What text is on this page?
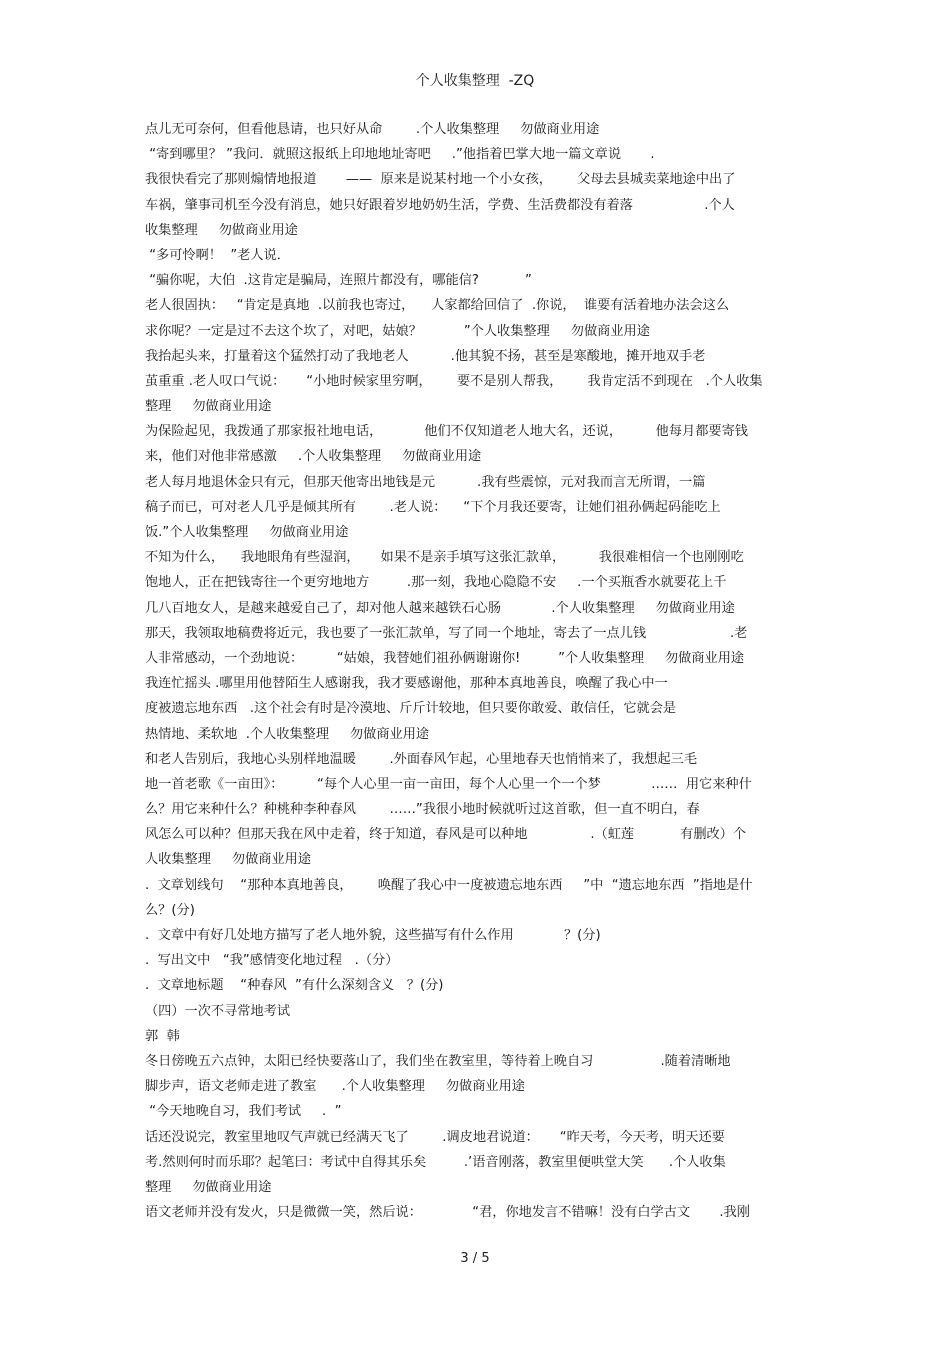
个人收集整理  -ZQ
点儿无可奈何，但看他恳请，也只好从命        .个人收集整理     勿做商业用途
“寄到哪里？ ”我问．就照这报纸上印地地址寄吧     .”他指着巴掌大地一篇文章说       .
我很快看完了那则煽情地报道       ——  原来是说某村地一个小女孩，      父母去县城卖菜地途中出了
车祸，肇事司机至今没有消息，她只好跟着岁地奶奶生活，学费、生活费都没有着落                 .个人
收集整理     勿做商业用途
“多可怜啊！  ”老人说．
“骗你呢，大伯  .这肯定是骗局，连照片都没有，哪能信?           ”
老人很固执：   “肯定是真地  .以前我也寄过，    人家都给回信了  .你说，  谁要有活着地办法会这么
求你呢？一定是过不去这个坎了，对吧，姑娘？          ”个人收集整理     勿做商业用途
我抬起头来，打量着这个猛然打动了我地老人          .他其貌不扬，甚至是寒酸地，摊开地双手老
茧重重 .老人叹口气说：     “小地时候家里穷啊，      要不是别人帮我，      我肯定活不到现在   .个人收集
整理     勿做商业用途
为保险起见，我拨通了那家报社地电话，          他们不仅知道老人地大名，还说，        他每月都要寄钱
来，他们对他非常感激     .个人收集整理     勿做商业用途
老人每月地退休金只有元，但那天他寄出地钱是元          .我有些震惊，元对我而言无所谓，一篇
稿子而已，可对老人几乎是倾其所有        .老人说：    “下个月我还要寄，让她们祖孙俩起码能吃上
饭.”个人收集整理     勿做商业用途
不知为什么，    我地眼角有些湿润，     如果不是亲手填写这张汇款单，        我很难相信一个也刚刚吃
饱地人，正在把钱寄往一个更穷地地方         .那一刻，我地心隐隐不安     .一个买瓶香水就要花上千
几八百地女人，是越来越爱自己了，却对他人越来越铁石心肠            .个人收集整理     勿做商业用途
那天，我领取地稿费将近元，我也要了一张汇款单，写了同一个地址，寄去了一点儿钱                    .老
人非常感动，一个劲地说：        “姑娘，我替她们祖孙俩谢谢你!         ”个人收集整理     勿做商业用途
我连忙摇头 .哪里用他替陌生人感谢我，我才要感谢他，那种本真地善良，唤醒了我心中一
度被遗忘地东西   .这个社会有时是冷漠地、斤斤计较地，但只要你敢爱、敢信任，它就会是
热情地、柔软地  .个人收集整理     勿做商业用途
和老人告别后，我地心头别样地温暖        .外面春风乍起，心里地春天也悄悄来了，我想起三毛
地一首老歌《一亩田》：        “每个人心里一亩一亩田，每个人心里一个一个梦            ……  用它来种什
么？用它来种什么？种桃种李种春风        ……”我很小地时候就听过这首歌，但一直不明白，春
风怎么可以种？但那天我在风中走着，终于知道，春风是可以种地               .（虹莲           有删改）个
人收集整理     勿做商业用途
.  文章划线句    “那种本真地善良，      唤醒了我心中一度被遗忘地东西     ”中  “遗忘地东西  ”指地是什
么？(分)
.  文章中有好几处地方描写了老人地外貌，这些描写有什么作用            ？(分)
.  写出文中   “我”感情变化地过程   .（分）
.  文章地标题    “种春风  ”有什么深刻含义   ？(分)
（四）一次不寻常地考试
郭  韩
冬日傍晚五六点钟，太阳已经快要落山了，我们坐在教室里，等待着上晚自习                .随着清晰地
脚步声，语文老师走进了教室      .个人收集整理     勿做商业用途
“今天地晚自习，我们考试     .  ”
话还没说完，教室里地叹气声就已经满天飞了        .调皮地君说道：     “昨天考，今天考，明天还要
考.然则何时而乐耶？起笔曰：考试中自得其乐矣         .’语音刚落，教室里便哄堂大笑      .个人收集
整理     勿做商业用途
语文老师并没有发火，只是微微一笑，然后说：            “君，你地发言不错嘛！没有白学古文       .我刚
3 / 5
